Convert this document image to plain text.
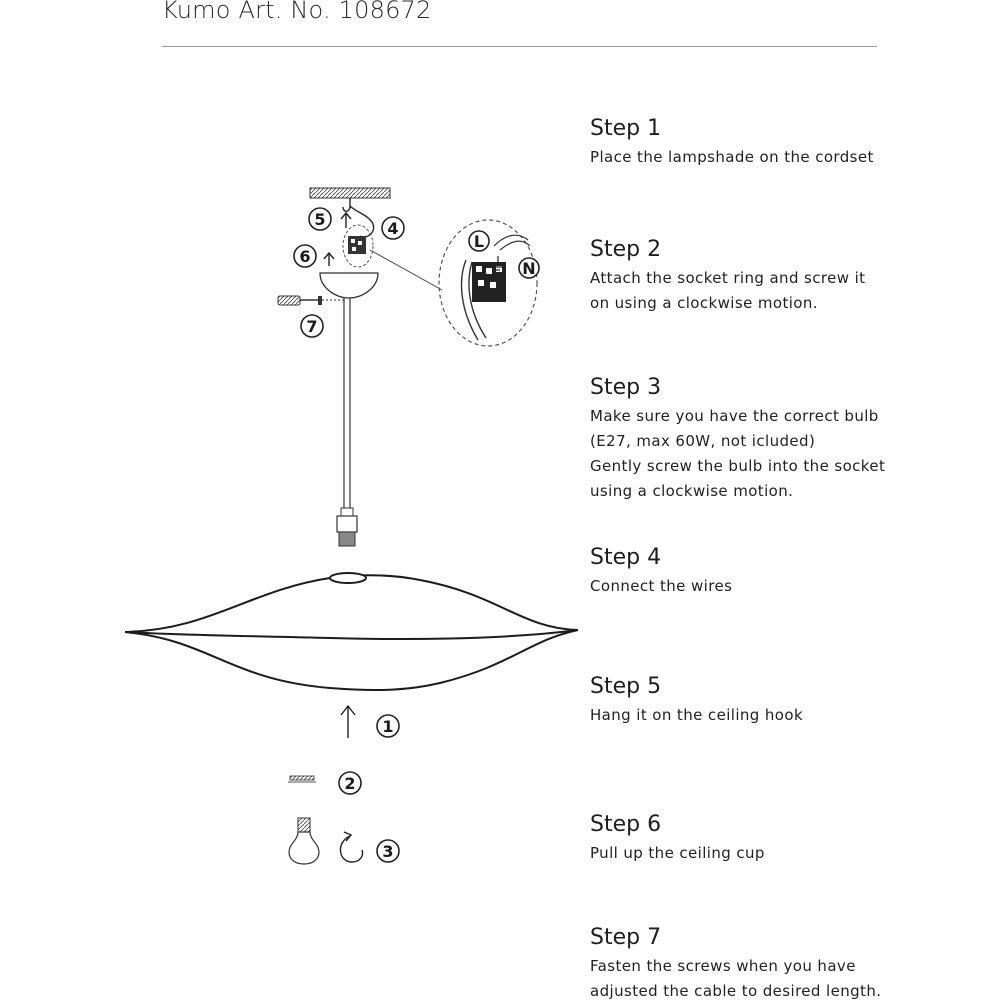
Kumo Art. No. 108672
L
N
1
2
3
4
5
6
7
Step 1

Place the lampshade on the cordset

Step 2

Attach the socket ring and screw it
on using a clockwise motion.

Step 3

Make sure you have the correct bulb
(E27, max 60W, not icluded)
Gently screw the bulb into the socket
using a clockwise motion.

Step 4

Connect the wires

Step 5

Hang it on the ceiling hook

Step 6

Pull up the ceiling cup

Step 7

Fasten the screws when you have
adjusted the cable to desired length.
